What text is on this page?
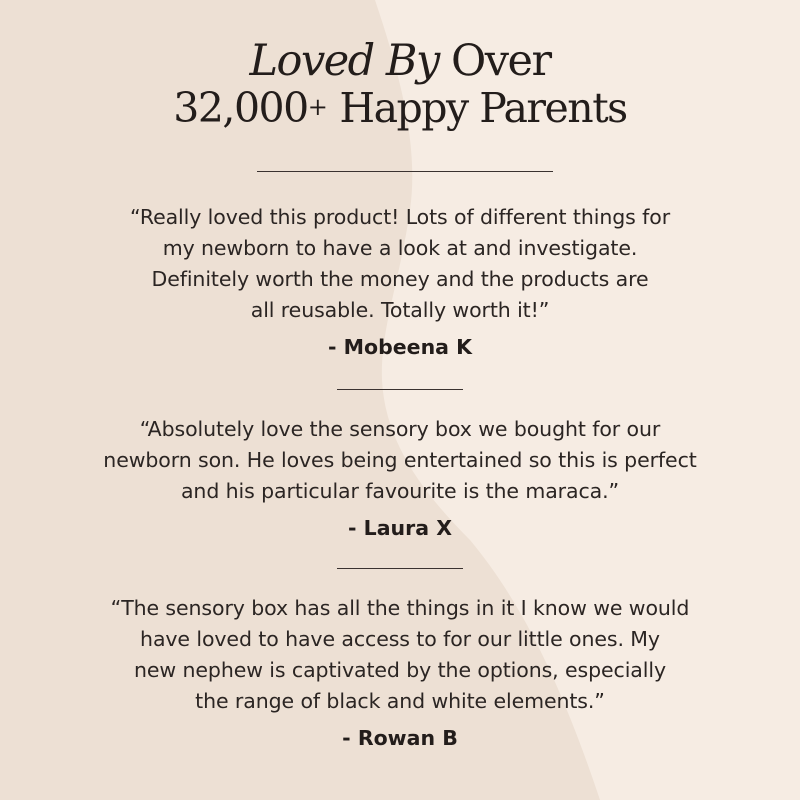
Loved By Over
32,000+ Happy Parents
“Really loved this product! Lots of different things for
my newborn to have a look at and investigate.
Definitely worth the money and the products are
all reusable. Totally worth it!”
- Mobeena K
“Absolutely love the sensory box we bought for our
newborn son. He loves being entertained so this is perfect
and his particular favourite is the maraca.”
- Laura X
“The sensory box has all the things in it I know we would
have loved to have access to for our little ones. My
new nephew is captivated by the options, especially
the range of black and white elements.”
- Rowan B
